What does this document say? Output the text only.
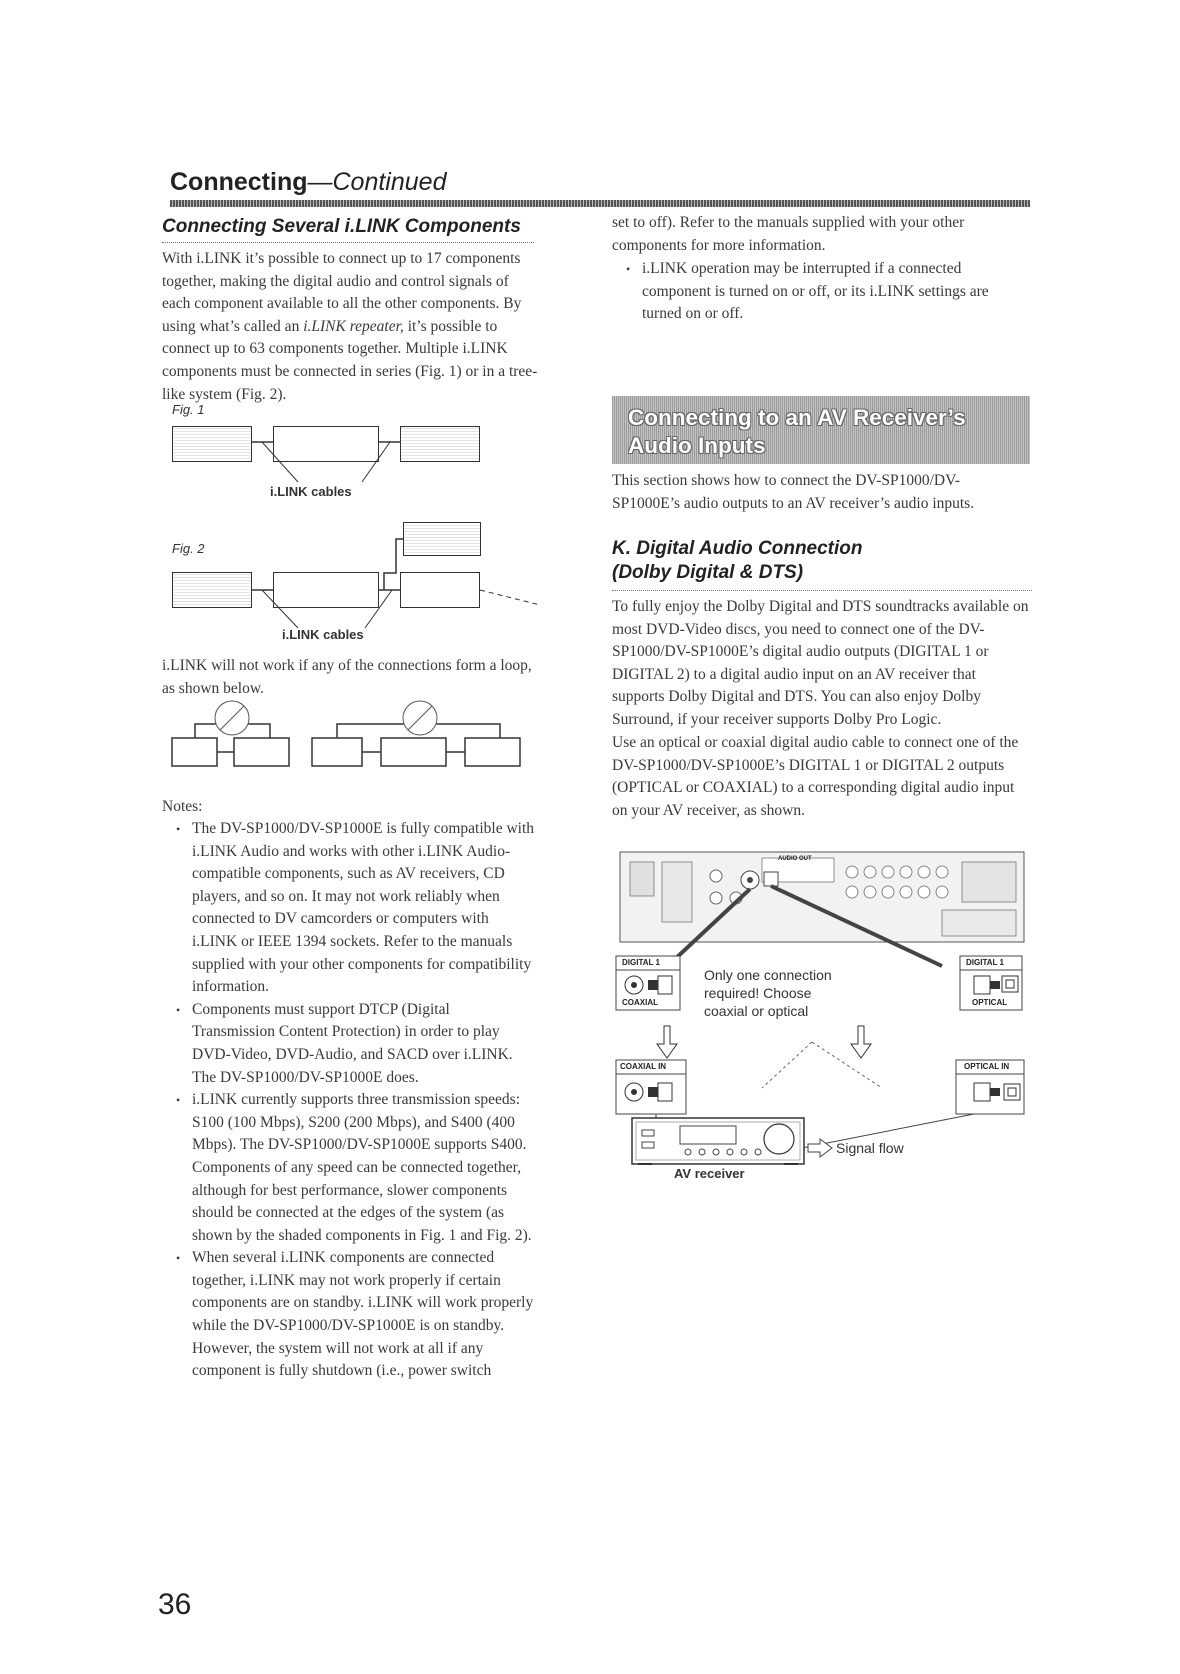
Connecting—Continued
Connecting Several i.LINK Components
With i.LINK it’s possible to connect up to 17 components together, making the digital audio and control signals of each component available to all the other components. By using what’s called an i.LINK repeater, it’s possible to connect up to 63 components together. Multiple i.LINK components must be connected in series (Fig. 1) or in a tree-like system (Fig. 2).
Fig. 1
i.LINK cables
Fig. 2
i.LINK cables
i.LINK will not work if any of the connections form a loop, as shown below.
Notes:
• The DV-SP1000/DV-SP1000E is fully compatible with i.LINK Audio and works with other i.LINK Audio-compatible components, such as AV receivers, CD players, and so on. It may not work reliably when connected to DV camcorders or computers with i.LINK or IEEE 1394 sockets. Refer to the manuals supplied with your other components for compatibility information.
• Components must support DTCP (Digital Transmission Content Protection) in order to play DVD-Video, DVD-Audio, and SACD over i.LINK. The DV-SP1000/DV-SP1000E does.
• i.LINK currently supports three transmission speeds: S100 (100 Mbps), S200 (200 Mbps), and S400 (400 Mbps). The DV-SP1000/DV-SP1000E supports S400. Components of any speed can be connected together, although for best performance, slower components should be connected at the edges of the system (as shown by the shaded components in Fig. 1 and Fig. 2).
• When several i.LINK components are connected together, i.LINK may not work properly if certain components are on standby. i.LINK will work properly while the DV-SP1000/DV-SP1000E is on standby. However, the system will not work at all if any component is fully shutdown (i.e., power switch
set to off). Refer to the manuals supplied with your other components for more information.
• i.LINK operation may be interrupted if a connected component is turned on or off, or its i.LINK settings are turned on or off.
Connecting to an AV Receiver’s
Audio Inputs
This section shows how to connect the DV-SP1000/DV-SP1000E’s audio outputs to an AV receiver’s audio inputs.
K. Digital Audio Connection
(Dolby Digital & DTS)
To fully enjoy the Dolby Digital and DTS soundtracks available on most DVD-Video discs, you need to connect one of the DV-SP1000/DV-SP1000E’s digital audio outputs (DIGITAL 1 or DIGITAL 2) to a digital audio input on an AV receiver that supports Dolby Digital and DTS. You can also enjoy Dolby Surround, if your receiver supports Dolby Pro Logic.
Use an optical or coaxial digital audio cable to connect one of the DV-SP1000/DV-SP1000E’s DIGITAL 1 or DIGITAL 2 outputs (OPTICAL or COAXIAL) to a corresponding digital audio input on your AV receiver, as shown.
DIGITAL 1
COAXIAL
DIGITAL 1
OPTICAL
AUDIO OUT
Only one connection
required! Choose
coaxial or optical
COAXIAL IN	OPTICAL IN
Signal flow
AV receiver
36
